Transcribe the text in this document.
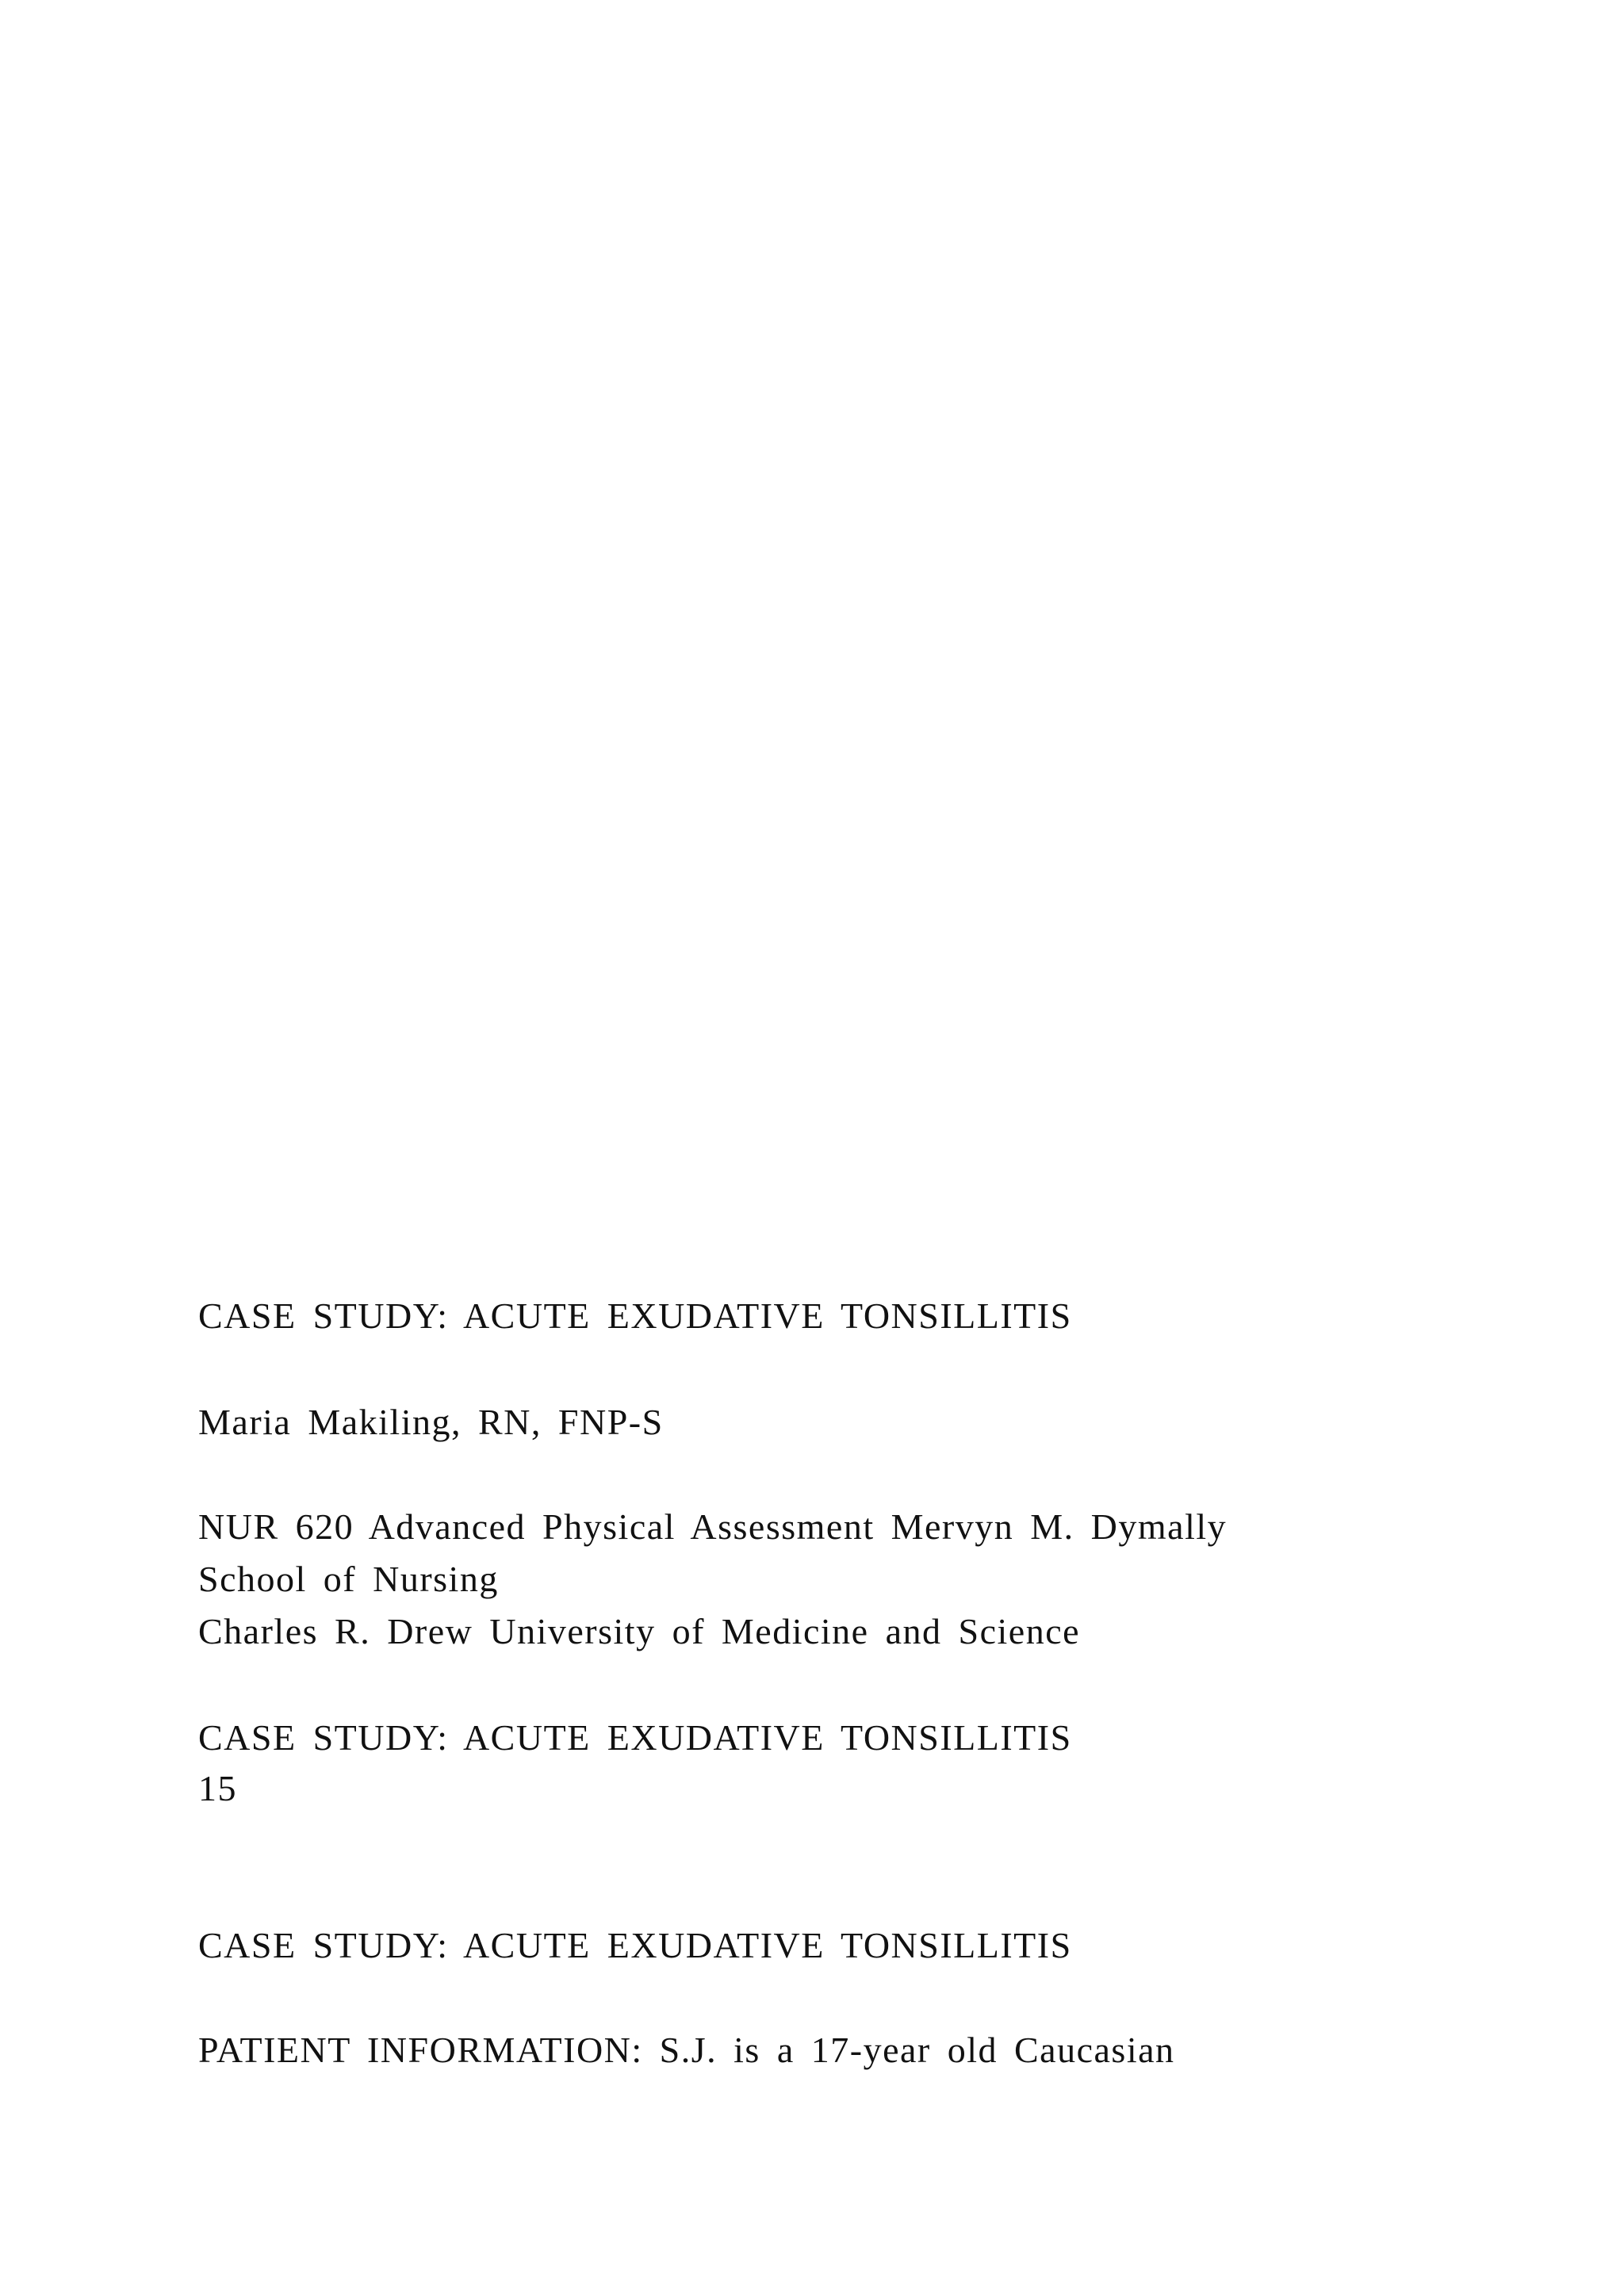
CASE STUDY: ACUTE EXUDATIVE TONSILLITIS
Maria Makiling, RN, FNP-S
NUR 620 Advanced Physical Assessment Mervyn M. Dymally
School of Nursing
Charles R. Drew University of Medicine and Science
CASE STUDY: ACUTE EXUDATIVE TONSILLITIS
15
CASE STUDY: ACUTE EXUDATIVE TONSILLITIS
PATIENT INFORMATION: S.J. is a 17-year old Caucasian
